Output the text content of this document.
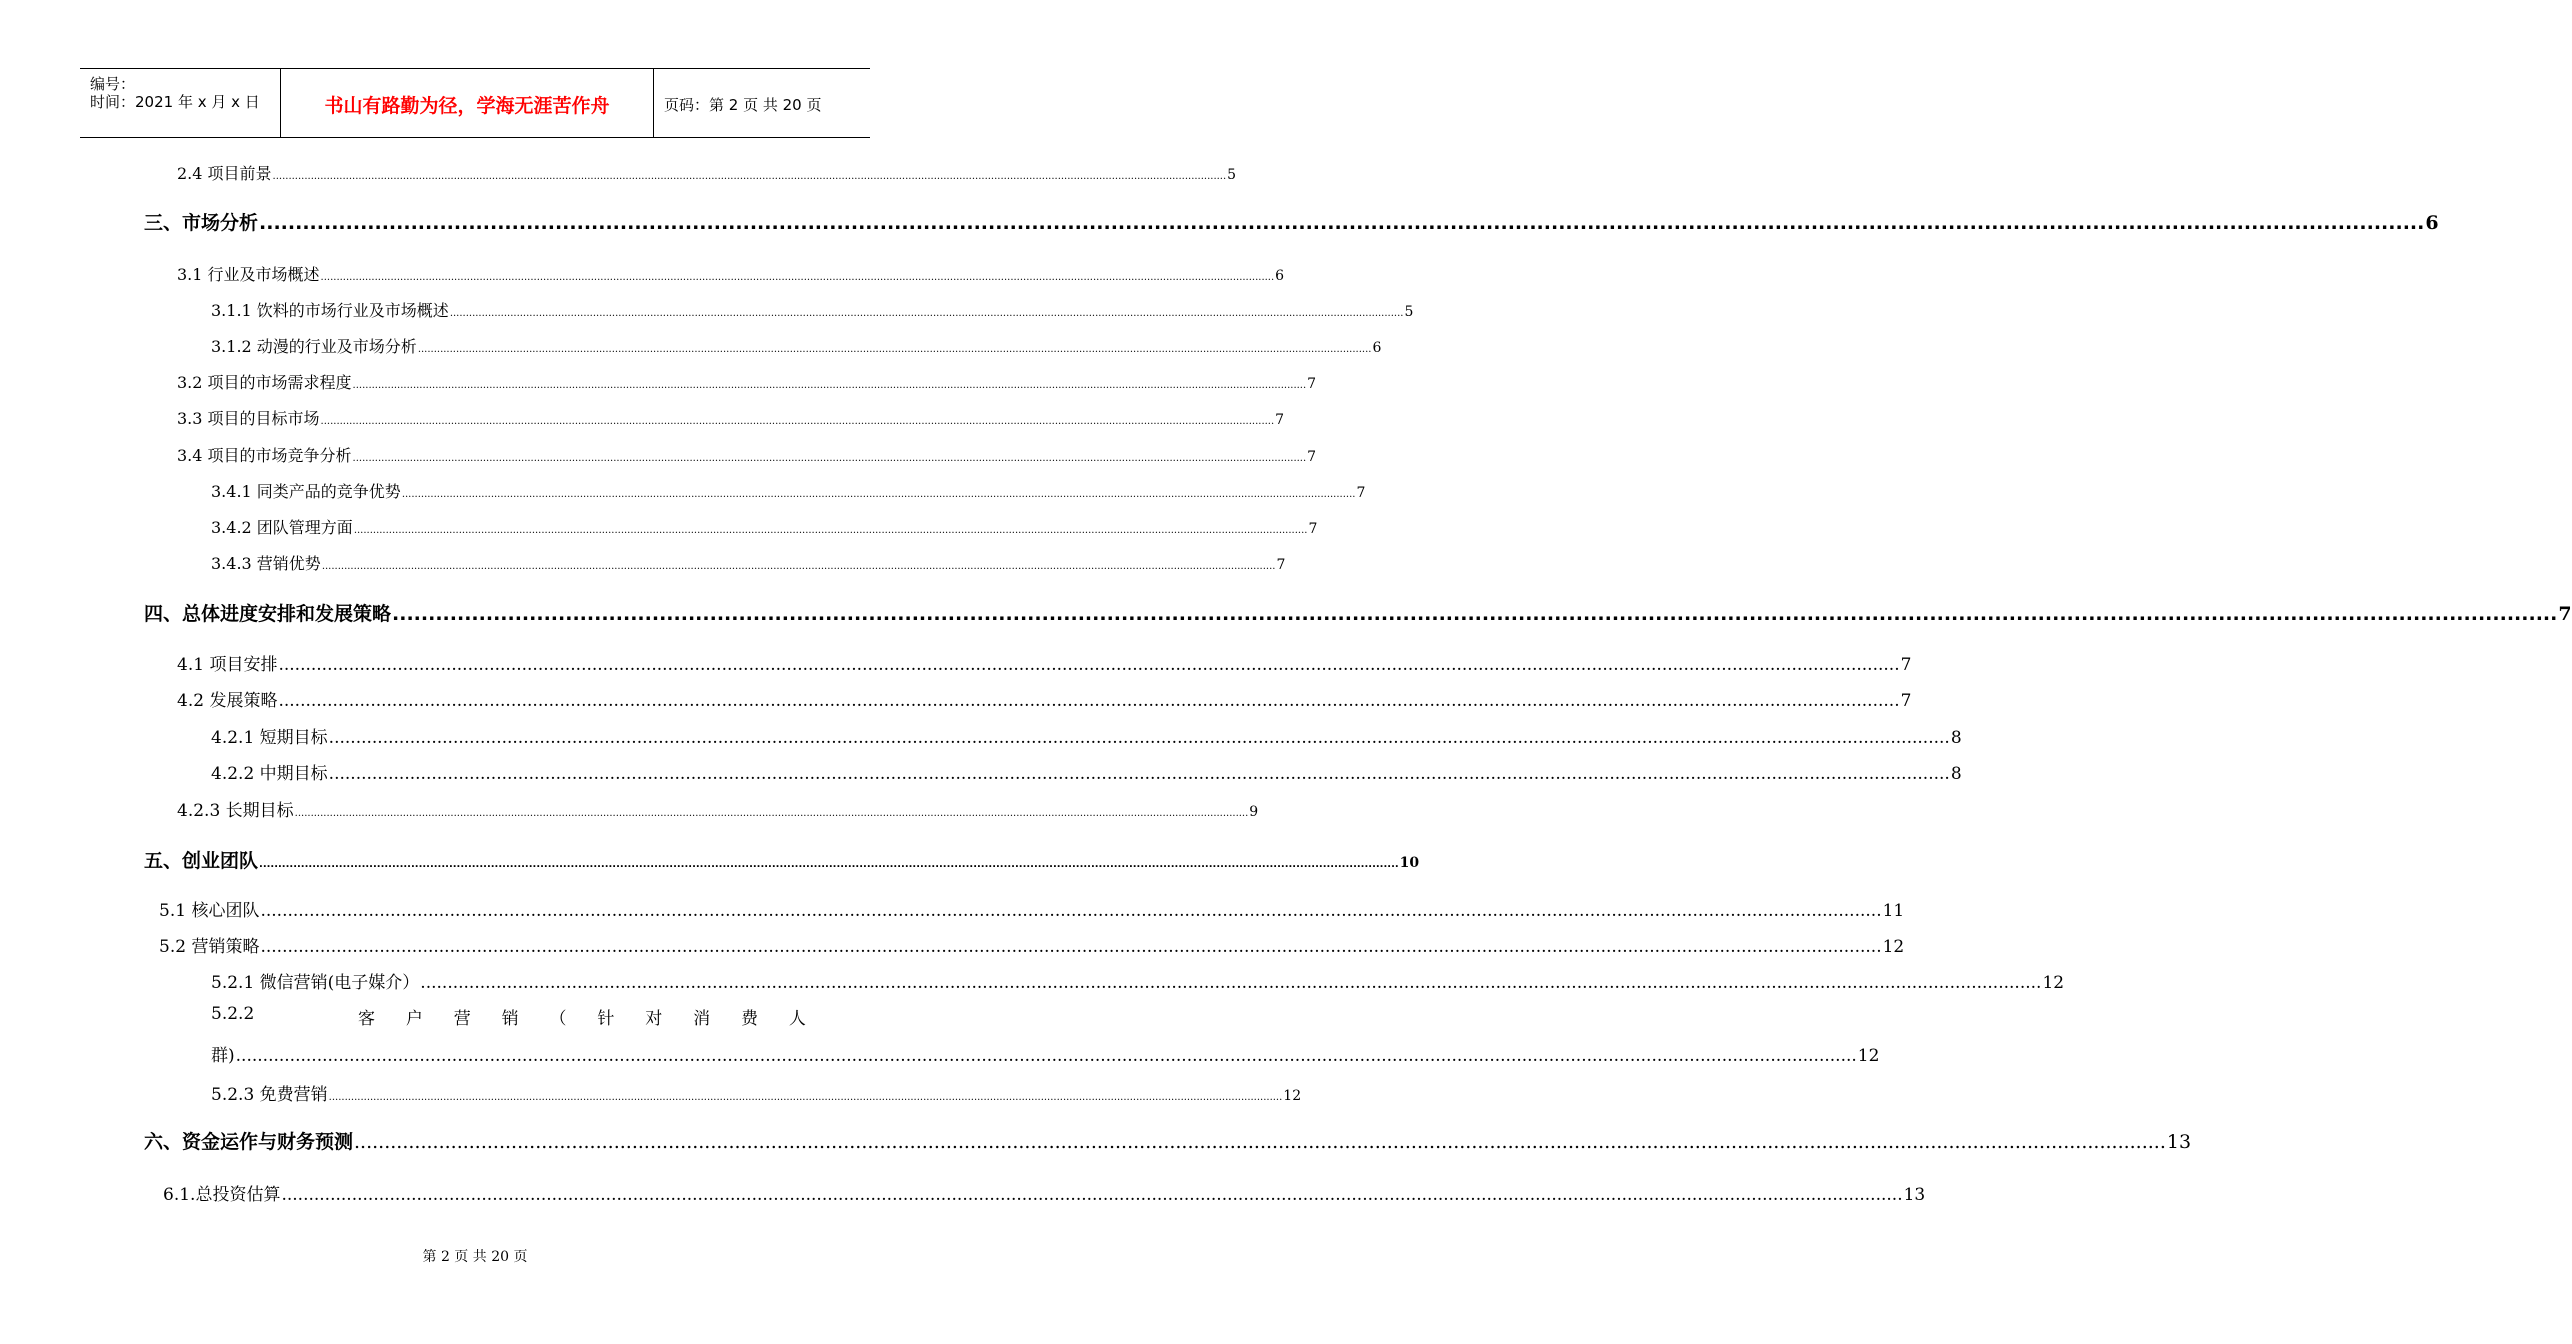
编号：
时间：2021 年 x 月 x 日	书山有路勤为径，学海无涯苦作舟	页码：第 2 页 共 20 页
2.4 项目前景 ............................................................................................................................................................................................................................................................................................................ 5
三、市场分析 ............................................................................................................................................................................................................................................................................................................ 6
3.1 行业及市场概述 ............................................................................................................................................................................................................................................................................................................ 6
3.1.1 饮料的市场行业及市场概述 ............................................................................................................................................................................................................................................................................................................ 5
3.1.2 动漫的行业及市场分析 ............................................................................................................................................................................................................................................................................................................ 6
3.2 项目的市场需求程度 ............................................................................................................................................................................................................................................................................................................ 7
3.3 项目的目标市场 ............................................................................................................................................................................................................................................................................................................ 7
3.4 项目的市场竞争分析 ............................................................................................................................................................................................................................................................................................................ 7
3.4.1 同类产品的竞争优势 ............................................................................................................................................................................................................................................................................................................ 7
3.4.2 团队管理方面 ............................................................................................................................................................................................................................................................................................................ 7
3.4.3 营销优势 ............................................................................................................................................................................................................................................................................................................ 7
四、总体进度安排和发展策略 ............................................................................................................................................................................................................................................................................................................ 7
4.1 项目安排 ............................................................................................................................................................................................................................................................................................................ 7
4.2 发展策略 ............................................................................................................................................................................................................................................................................................................ 7
4.2.1 短期目标 ............................................................................................................................................................................................................................................................................................................ 8
4.2.2 中期目标 ............................................................................................................................................................................................................................................................................................................ 8
4.2.3 长期目标 ............................................................................................................................................................................................................................................................................................................ 9
五、创业团队 ............................................................................................................................................................................................................................................................................................................ 10
5.1 核心团队 ............................................................................................................................................................................................................................................................................................................ 11
5.2 营销策略 ............................................................................................................................................................................................................................................................................................................ 12
5.2.1 微信营销(电子媒介） ............................................................................................................................................................................................................................................................................................................ 12
5.2.2	客 户 营 销 （ 针 对 消 费 人
群) ............................................................................................................................................................................................................................................................................................................ 12
5.2.3 免费营销 ............................................................................................................................................................................................................................................................................................................ 12
六、资金运作与财务预测 ............................................................................................................................................................................................................................................................................................................ 13
6.1.总投资估算 ............................................................................................................................................................................................................................................................................................................ 13
第 2 页 共 20 页
